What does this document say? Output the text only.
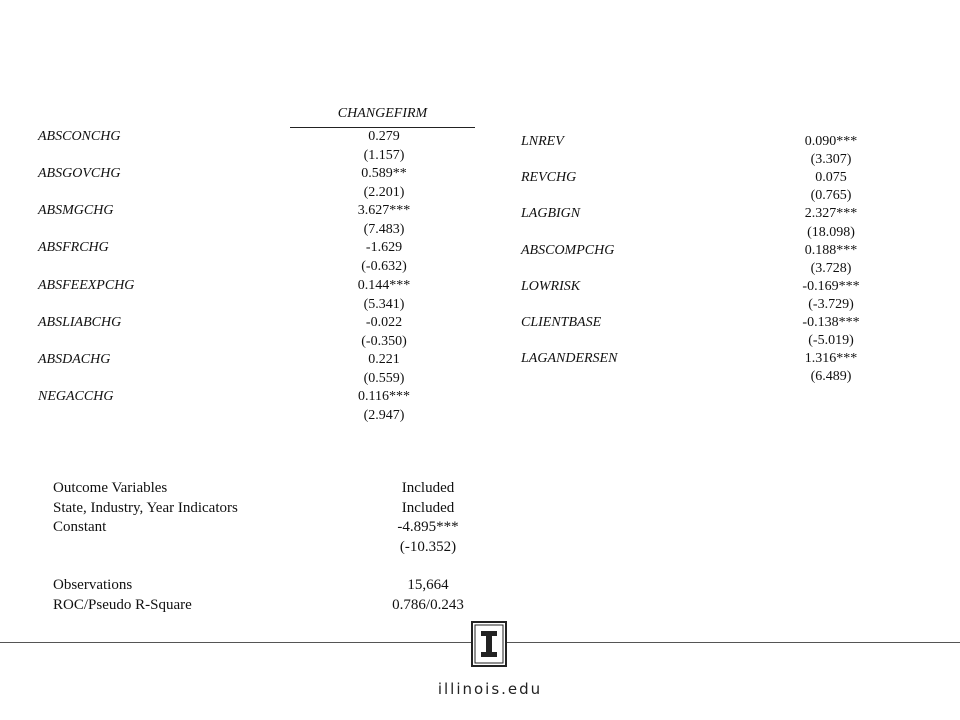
CHANGEFIRM
ABSCONCHG	0.279
(1.157)
ABSGOVCHG	0.589**
(2.201)
ABSMGCHG	3.627***
(7.483)
ABSFRCHG	-1.629
(-0.632)
ABSFEEXPCHG	0.144***
(5.341)
ABSLIABCHG	-0.022
(-0.350)
ABSDACHG	0.221
(0.559)
NEGACCHG	0.116***
(2.947)
LNREV	0.090***
(3.307)
REVCHG	0.075
(0.765)
LAGBIGN	2.327***
(18.098)
ABSCOMPCHG	0.188***
(3.728)
LOWRISK	-0.169***
(-3.729)
CLIENTBASE	-0.138***
(-5.019)
LAGANDERSEN	1.316***
(6.489)
Outcome Variables	Included
State, Industry, Year Indicators	Included
Constant	-4.895***
(-10.352)
Observations	15,664
ROC/Pseudo R-Square	0.786/0.243
illinois.edu
